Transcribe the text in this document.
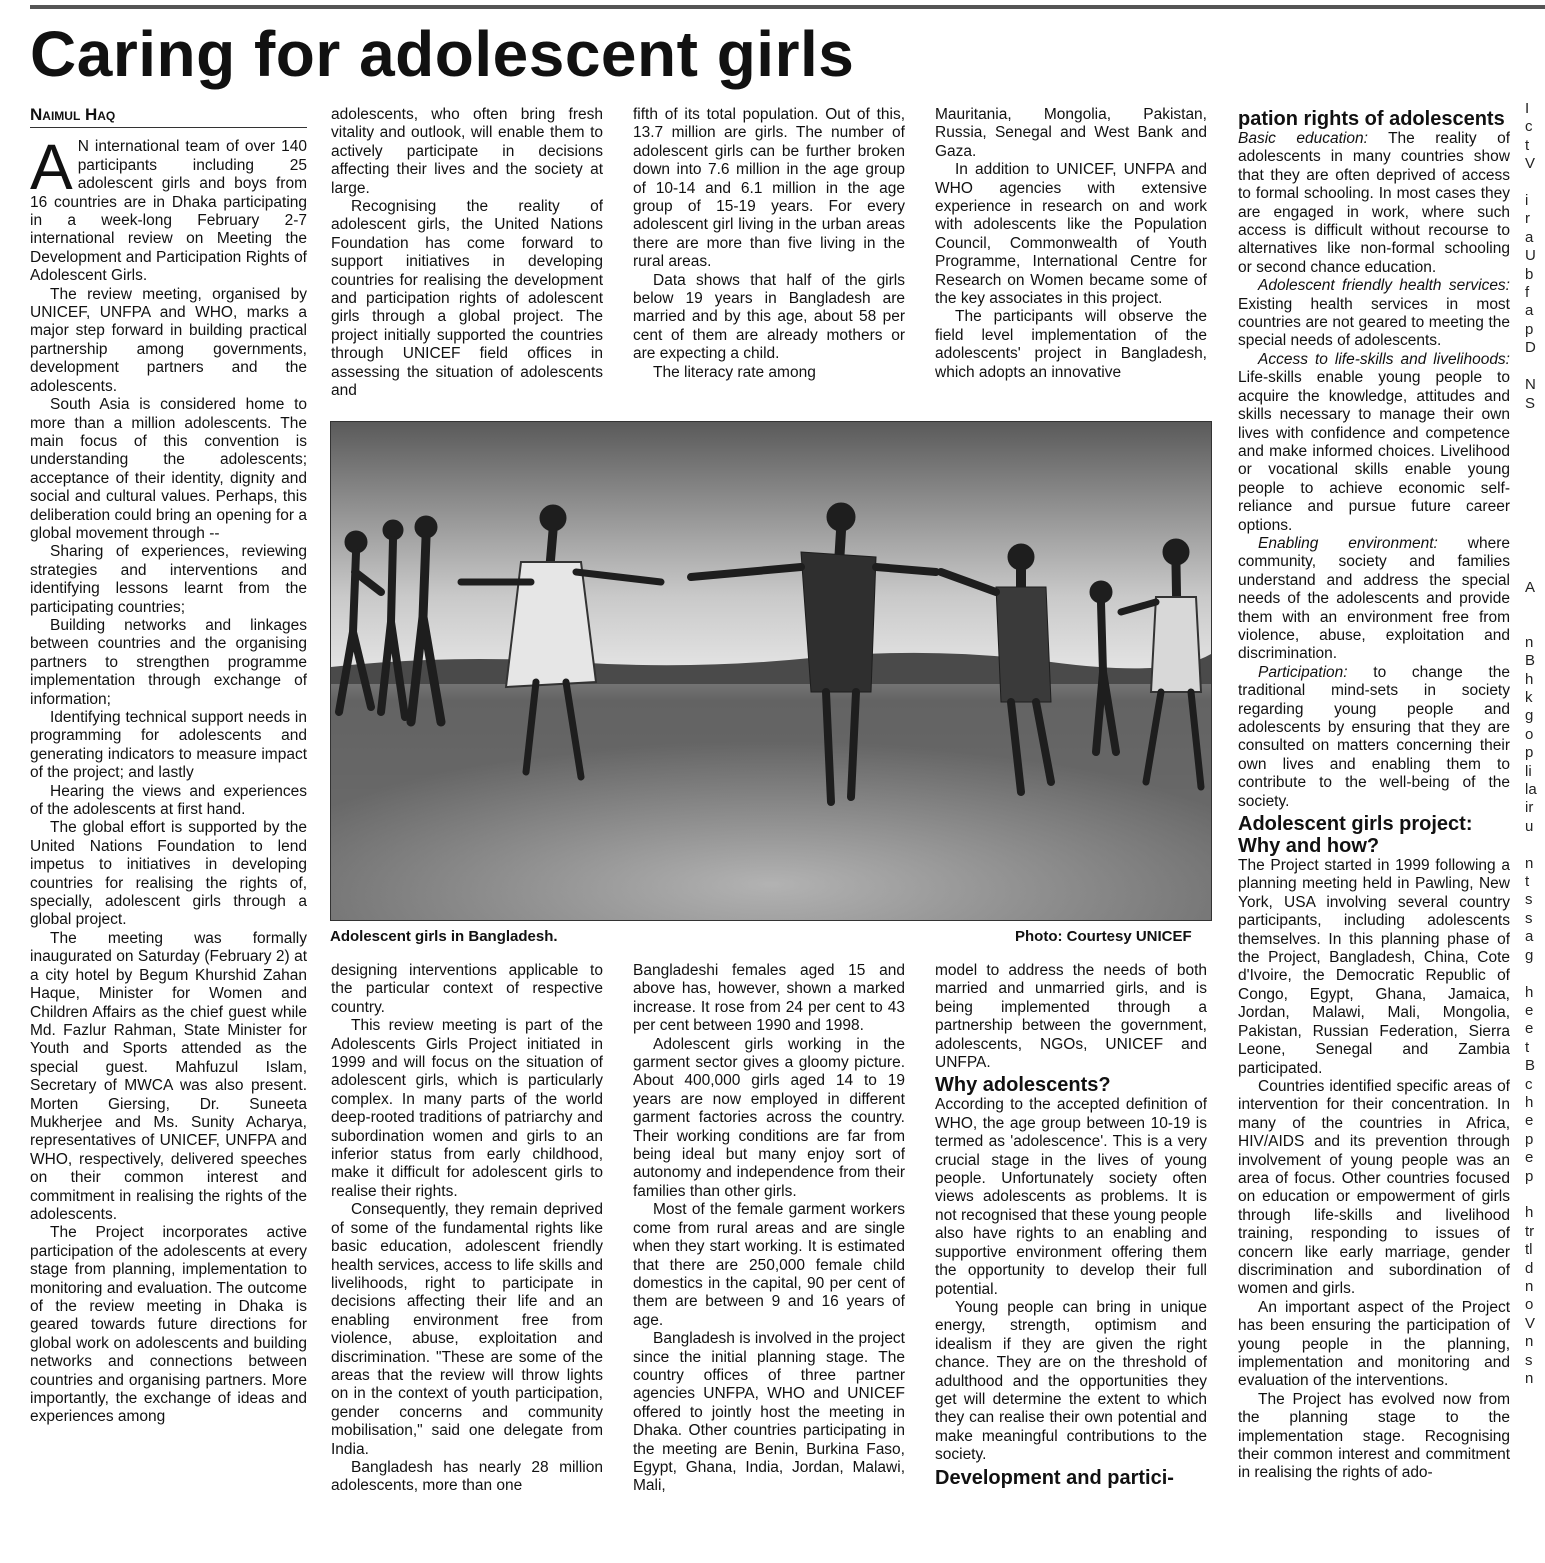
Caring for adolescent girls
Naimul Haq
A N international team of over 140 participants including 25 adolescent girls and boys from 16 countries are in Dhaka participating in a week-long February 2-7 international review on Meeting the Development and Participation Rights of Adolescent Girls.

The review meeting, organised by UNICEF, UNFPA and WHO, marks a major step forward in building practical partnership among governments, development partners and the adolescents.

South Asia is considered home to more than a million adolescents. The main focus of this convention is understanding the adolescents; acceptance of their identity, dignity and social and cultural values. Perhaps, this deliberation could bring an opening for a global movement through --

Sharing of experiences, reviewing strategies and interventions and identifying lessons learnt from the participating countries;

Building networks and linkages between countries and the organising partners to strengthen programme implementation through exchange of information;

Identifying technical support needs in programming for adolescents and generating indicators to measure impact of the project; and lastly

Hearing the views and experiences of the adolescents at first hand.

The global effort is supported by the United Nations Foundation to lend impetus to initiatives in developing countries for realising the rights of, specially, adolescent girls through a global project.

The meeting was formally inaugurated on Saturday (February 2) at a city hotel by Begum Khurshid Zahan Haque, Minister for Women and Children Affairs as the chief guest while Md. Fazlur Rahman, State Minister for Youth and Sports attended as the special guest. Mahfuzul Islam, Secretary of MWCA was also present. Morten Giersing, Dr. Suneeta Mukherjee and Ms. Sunity Acharya, representatives of UNICEF, UNFPA and WHO, respectively, delivered speeches on their common interest and commitment in realising the rights of the adolescents.

The Project incorporates active participation of the adolescents at every stage from planning, implementation to monitoring and evaluation. The outcome of the review meeting in Dhaka is geared towards future directions for global work on adolescents and building networks and connections between countries and organising partners. More importantly, the exchange of ideas and experiences among

adolescents, who often bring fresh vitality and outlook, will enable them to actively participate in decisions affecting their lives and the society at large.

Recognising the reality of adolescent girls, the United Nations Foundation has come forward to support initiatives in developing countries for realising the development and participation rights of adolescent girls through a global project. The project initially supported the countries through UNICEF field offices in assessing the situation of adolescents and

fifth of its total population. Out of this, 13.7 million are girls. The number of adolescent girls can be further broken down into 7.6 million in the age group of 10-14 and 6.1 million in the age group of 15-19 years. For every adolescent girl living in the urban areas there are more than five living in the rural areas.

Data shows that half of the girls below 19 years in Bangladesh are married and by this age, about 58 per cent of them are already mothers or are expecting a child.

The literacy rate among

Mauritania, Mongolia, Pakistan, Russia, Senegal and West Bank and Gaza.

In addition to UNICEF, UNFPA and WHO agencies with extensive experience in research on and work with adolescents like the Population Council, Commonwealth of Youth Programme, International Centre for Research on Women became some of the key associates in this project.

The participants will observe the field level implementation of the adolescents' project in Bangladesh, which adopts an innovative

pation rights of adolescents

Basic education: The reality of adolescents in many countries show that they are often deprived of access to formal schooling. In most cases they are engaged in work, where such access is difficult without recourse to alternatives like non-formal schooling or second chance education.

Adolescent friendly health services: Existing health services in most countries are not geared to meeting the special needs of adolescents.

Access to life-skills and livelihoods: Life-skills enable young people to acquire the knowledge, attitudes and skills necessary to manage their own lives with confidence and competence and make informed choices. Livelihood or vocational skills enable young people to achieve economic self-reliance and pursue future career options.

Enabling environment: where community, society and families understand and address the special needs of the adolescents and provide them with an environment free from violence, abuse, exploitation and discrimination.

Participation: to change the traditional mind-sets in society regarding young people and adolescents by ensuring that they are consulted on matters concerning their own lives and enabling them to contribute to the well-being of the society.

Adolescent girls project: Why and how?

The Project started in 1999 following a planning meeting held in Pawling, New York, USA involving several country participants, including adolescents themselves. In this planning phase of the Project, Bangladesh, China, Cote d'Ivoire, the Democratic Republic of Congo, Egypt, Ghana, Jamaica, Jordan, Malawi, Mali, Mongolia, Pakistan, Russian Federation, Sierra Leone, Senegal and Zambia participated.

Countries identified specific areas of intervention for their concentration. In many of the countries in Africa, HIV/AIDS and its prevention through involvement of young people was an area of focus. Other countries focused on education or empowerment of girls through life-skills and livelihood training, responding to issues of concern like early marriage, gender discrimination and subordination of women and girls.

An important aspect of the Project has been ensuring the participation of young people in the planning, implementation and monitoring and evaluation of the interventions.

The Project has evolved now from the planning stage to the implementation stage. Recognising their common interest and commitment in realising the rights of ado-

Adolescent girls in Bangladesh.	Photo: Courtesy UNICEF

designing interventions applicable to the particular context of respective country.

This review meeting is part of the Adolescents Girls Project initiated in 1999 and will focus on the situation of adolescent girls, which is particularly complex. In many parts of the world deep-rooted traditions of patriarchy and subordination women and girls to an inferior status from early childhood, make it difficult for adolescent girls to realise their rights.

Consequently, they remain deprived of some of the fundamental rights like basic education, adolescent friendly health services, access to life skills and livelihoods, right to participate in decisions affecting their life and an enabling environment free from violence, abuse, exploitation and discrimination. "These are some of the areas that the review will throw lights on in the context of youth participation, gender concerns and community mobilisation," said one delegate from India.

Bangladesh has nearly 28 million adolescents, more than one

Bangladeshi females aged 15 and above has, however, shown a marked increase. It rose from 24 per cent to 43 per cent between 1990 and 1998.

Adolescent girls working in the garment sector gives a gloomy picture. About 400,000 girls aged 14 to 19 years are now employed in different garment factories across the country. Their working conditions are far from being ideal but many enjoy sort of autonomy and independence from their families than other girls.

Most of the female garment workers come from rural areas and are single when they start working. It is estimated that there are 250,000 female child domestics in the capital, 90 per cent of them are between 9 and 16 years of age.

Bangladesh is involved in the project since the initial planning stage. The country offices of three partner agencies UNFPA, WHO and UNICEF offered to jointly host the meeting in Dhaka. Other countries participating in the meeting are Benin, Burkina Faso, Egypt, Ghana, India, Jordan, Malawi, Mali,

model to address the needs of both married and unmarried girls, and is being implemented through a partnership between the government, adolescents, NGOs, UNICEF and UNFPA.

Why adolescents?

According to the accepted definition of WHO, the age group between 10-19 is termed as 'adolescence'. This is a very crucial stage in the lives of young people. Unfortunately society often views adolescents as problems. It is not recognised that these young people also have rights to an enabling and supportive environment offering them the opportunity to develop their full potential.

Young people can bring in unique energy, strength, optimism and idealism if they are given the right chance. They are on the threshold of adulthood and the opportunities they get will determine the extent to which they can realise their own potential and make meaningful contributions to the society.

Development and partici-
I
c
t
V

i
r
a
U
b
f
a
p
D

N
S

A

n
B
h
k
g
o
p
li
la
ir
u

n
t
s
s
a
g

h
e
e
t
B
c
h
e
p
e
p

h
tr
tl
d
n
o
V
n
s
n
